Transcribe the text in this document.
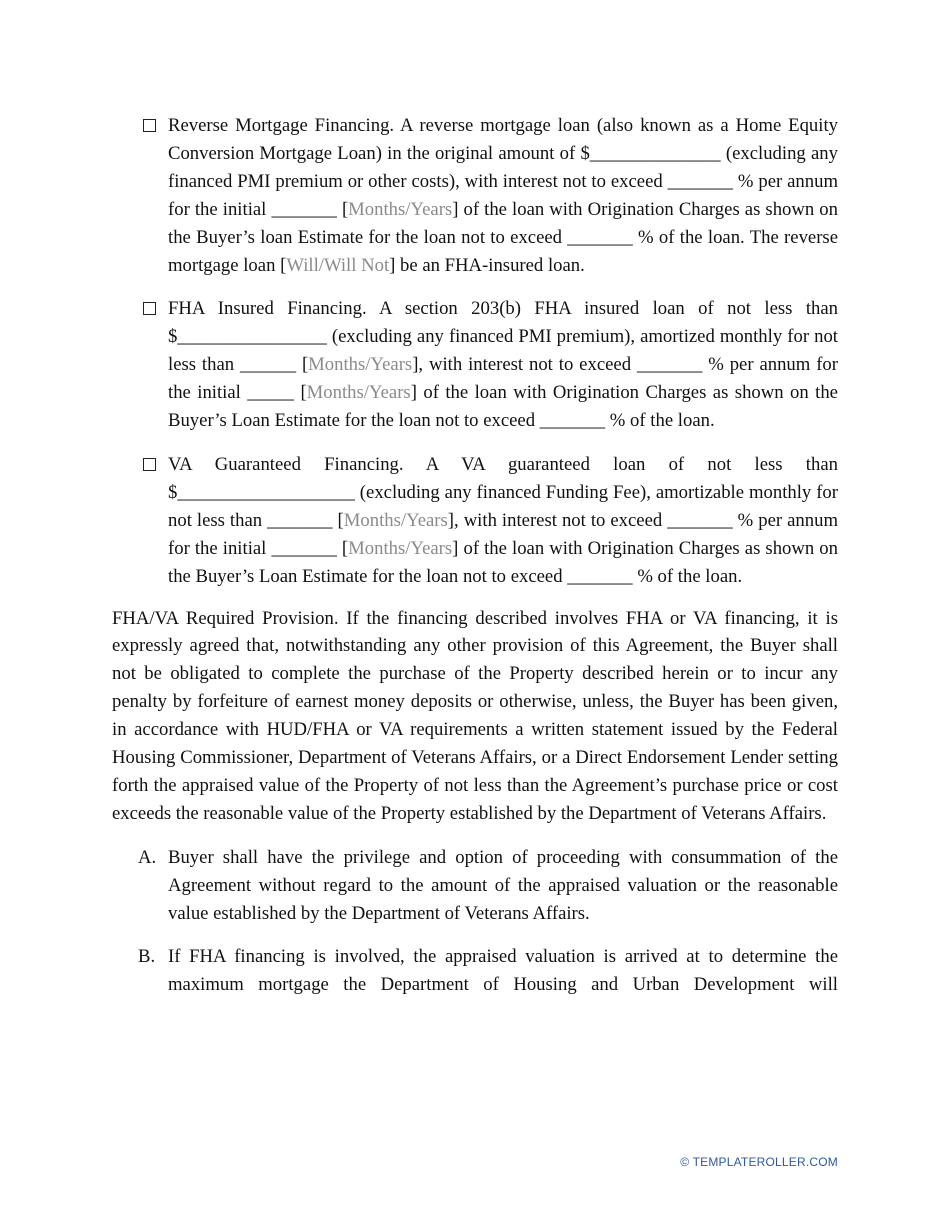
Reverse Mortgage Financing. A reverse mortgage loan (also known as a Home Equity Conversion Mortgage Loan) in the original amount of $______________ (excluding any financed PMI premium or other costs), with interest not to exceed _______ % per annum for the initial _______ [Months/Years] of the loan with Origination Charges as shown on the Buyer’s loan Estimate for the loan not to exceed _______ % of the loan. The reverse mortgage loan [Will/Will Not] be an FHA-insured loan.
FHA Insured Financing. A section 203(b) FHA insured loan of not less than $________________ (excluding any financed PMI premium), amortized monthly for not less than ______ [Months/Years], with interest not to exceed _______ % per annum for the initial _____ [Months/Years] of the loan with Origination Charges as shown on the Buyer’s Loan Estimate for the loan not to exceed _______ % of the loan.
VA Guaranteed Financing. A VA guaranteed loan of not less than $___________________ (excluding any financed Funding Fee), amortizable monthly for not less than _______ [Months/Years], with interest not to exceed _______ % per annum for the initial _______ [Months/Years] of the loan with Origination Charges as shown on the Buyer’s Loan Estimate for the loan not to exceed _______ % of the loan.
FHA/VA Required Provision. If the financing described involves FHA or VA financing, it is expressly agreed that, notwithstanding any other provision of this Agreement, the Buyer shall not be obligated to complete the purchase of the Property described herein or to incur any penalty by forfeiture of earnest money deposits or otherwise, unless, the Buyer has been given, in accordance with HUD/FHA or VA requirements a written statement issued by the Federal Housing Commissioner, Department of Veterans Affairs, or a Direct Endorsement Lender setting forth the appraised value of the Property of not less than the Agreement’s purchase price or cost exceeds the reasonable value of the Property established by the Department of Veterans Affairs.
A. Buyer shall have the privilege and option of proceeding with consummation of the Agreement without regard to the amount of the appraised valuation or the reasonable value established by the Department of Veterans Affairs.
B. If FHA financing is involved, the appraised valuation is arrived at to determine the maximum mortgage the Department of Housing and Urban Development will
© TEMPLATEROLLER.COM
